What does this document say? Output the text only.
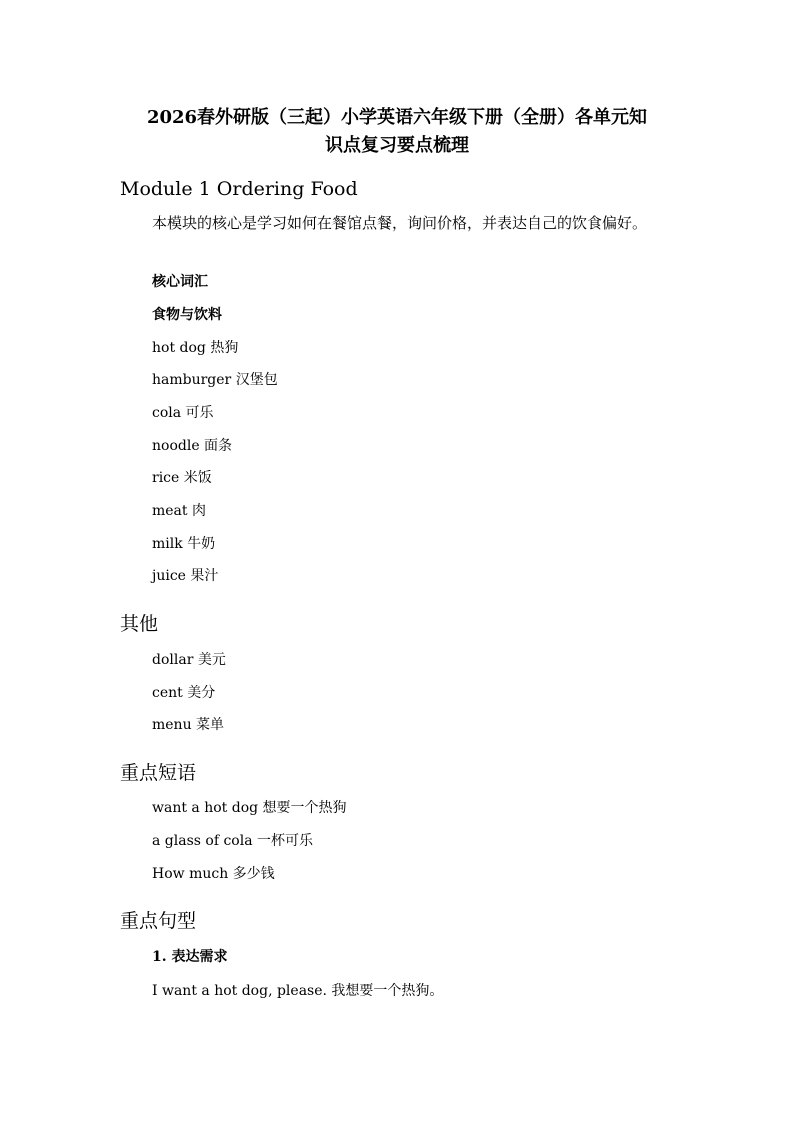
2026春外研版（三起）小学英语六年级下册（全册）各单元知
识点复习要点梳理
Module 1 Ordering Food
本模块的核心是学习如何在餐馆点餐，询问价格，并表达自己的饮食偏好。
核心词汇
食物与饮料
hot dog 热狗
hamburger 汉堡包
cola 可乐
noodle 面条
rice 米饭
meat 肉
milk 牛奶
juice 果汁
其他
dollar 美元
cent 美分
menu 菜单
重点短语
want a hot dog 想要一个热狗
a glass of cola 一杯可乐
How much 多少钱
重点句型
1. 表达需求
I want a hot dog, please. 我想要一个热狗。
